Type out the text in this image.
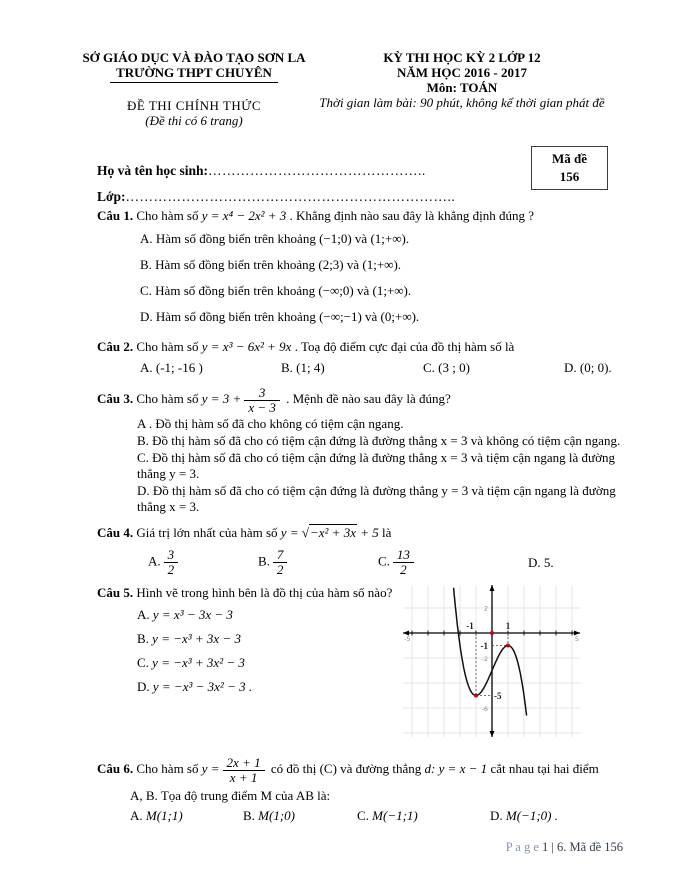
SỞ GIÁO DỤC VÀ ĐÀO TẠO SƠN LA
TRƯỜNG THPT CHUYÊN
ĐỀ THI CHÍNH THỨC
(Đề thi có 6 trang)
KỲ THI HỌC KỲ 2 LỚP 12
NĂM HỌC 2016 - 2017
Môn: TOÁN
Thời gian làm bài: 90 phút, không kể thời gian phát đề
Mã đề
156
Họ và tên học sinh:………………………………………..
Lớp:……………………………………………………………..
Câu 1. Cho hàm số y = x⁴ − 2x² + 3 . Khẳng định nào sau đây là khẳng định đúng ?
A. Hàm số đồng biến trên khoảng (−1;0) và (1;+∞).
B. Hàm số đồng biến trên khoảng (2;3) và (1;+∞).
C. Hàm số đồng biến trên khoảng (−∞;0) và (1;+∞).
D. Hàm số đồng biến trên khoảng (−∞;−1) và (0;+∞).
Câu 2. Cho hàm số y = x³ − 6x² + 9x . Toạ độ điểm cực đại của đồ thị hàm số là
A. (-1; -16 )	B. (1; 4)	C. (3 ; 0)	D. (0; 0).
Câu 3. Cho hàm số $y = 3 + \frac{3}{x - 3}$ . Mệnh đề nào sau đây là đúng?
A . Đồ thị hàm số đã cho không có tiệm cận ngang.
B. Đồ thị hàm số đã cho có tiệm cận đứng là đường thẳng x = 3 và không có tiệm cận ngang.
C. Đồ thị hàm số đã cho có tiệm cận đứng là đường thẳng x = 3 và tiệm cận ngang là đường thẳng y = 3.
D. Đồ thị hàm số đã cho có tiệm cận đứng là đường thẳng y = 3 và tiệm cận ngang là đường thẳng x = 3.
Câu 4. Giá trị lớn nhất của hàm số y = √−x² + 3x + 5 là
A. $\frac{3}{2}$	B. $\frac{7}{2}$	C. $\frac{13}{2}$	D. 5.
Câu 5. Hình vẽ trong hình bên là đồ thị của hàm số nào?
A. y = x³ − 3x − 3
B. y = −x³ + 3x − 3
C. y = −x³ + 3x² − 3
D. y = −x³ − 3x² − 3 .
-1	1
-1
-5
2
-2
-6
-5	5
Câu 6. Cho hàm số $y = \frac{2x + 1}{x + 1}$ có đồ thị (C) và đường thẳng d: y = x − 1 cắt nhau tại hai điểm
A, B. Tọa độ trung điểm M của AB là:
A. M(1;1)	B. M(1;0)	C. M(−1;1)	D. M(−1;0) .
P a g e 1 | 6. Mã đề 156
